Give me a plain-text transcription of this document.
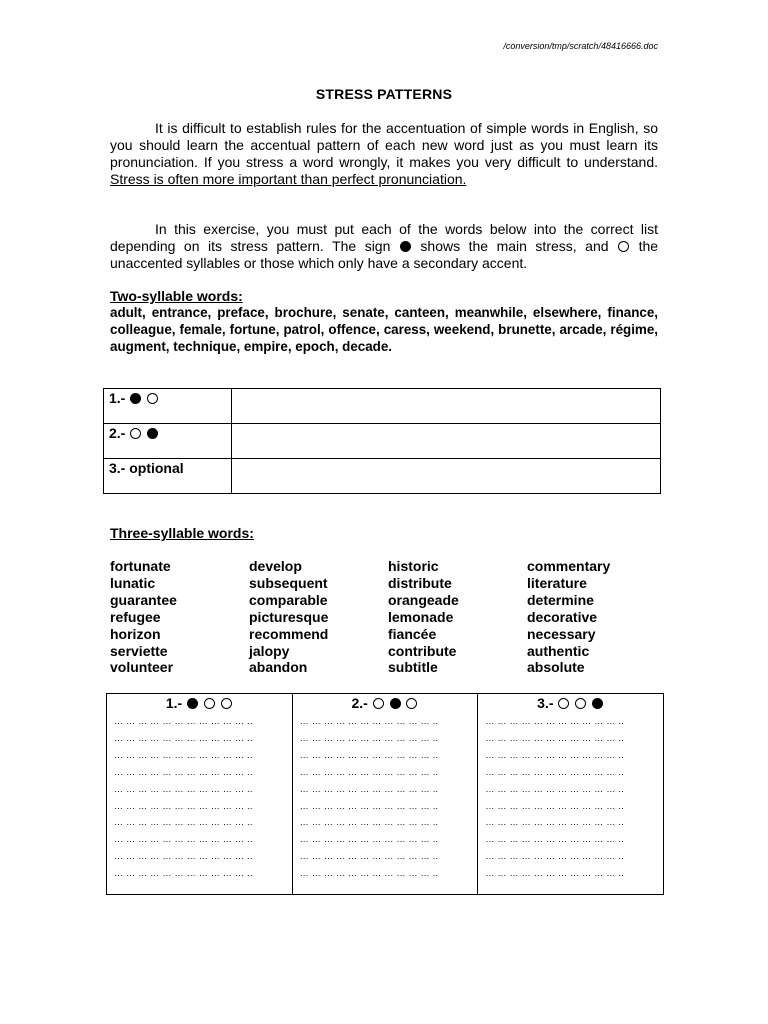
/conversion/tmp/scratch/48416666.doc
STRESS PATTERNS
It is difficult to establish rules for the accentuation of simple words in English, so you should learn the accentual pattern of each new word just as you must learn its pronunciation. If you stress a word wrongly, it makes you very difficult to understand. Stress is often more important than perfect pronunciation.
In this exercise, you must put each of the words below into the correct list depending on its stress pattern. The sign shows the main stress, and the unaccented syllables or those which only have a secondary accent.
Two-syllable words:
adult, entrance, preface, brochure, senate, canteen, meanwhile, elsewhere, finance, colleague, female, fortune, patrol, offence, caress, weekend, brunette, arcade, régime, augment, technique, empire, epoch, decade.
1.-	
2.-	
3.- optional	
Three-syllable words:
fortunate	develop	historic	commentary
lunatic	subsequent	distribute	literature
guarantee	comparable	orangeade	determine
refugee	picturesque	lemonade	decorative
horizon	recommend	fiancée	necessary
serviette	jalopy	contribute	authentic
volunteer	abandon	subtitle	absolute
1.-
… … … … … … … … … … … ..
… … … … … … … … … … … ..
… … … … … … … … … … … ..
… … … … … … … … … … … ..
… … … … … … … … … … … ..
… … … … … … … … … … … ..
… … … … … … … … … … … ..
… … … … … … … … … … … ..
… … … … … … … … … … … ..
… … … … … … … … … … … ..

2.-
… … … … … … … … … … … ..
… … … … … … … … … … … ..
… … … … … … … … … … … ..
… … … … … … … … … … … ..
… … … … … … … … … … … ..
… … … … … … … … … … … ..
… … … … … … … … … … … ..
… … … … … … … … … … … ..
… … … … … … … … … … … ..
… … … … … … … … … … … ..

3.-
… … … … … … … … … … … ..
… … … … … … … … … … … ..
… … … … … … … … … … … ..
… … … … … … … … … … … ..
… … … … … … … … … … … ..
… … … … … … … … … … … ..
… … … … … … … … … … … ..
… … … … … … … … … … … ..
… … … … … … … … … … … ..
… … … … … … … … … … … ..
